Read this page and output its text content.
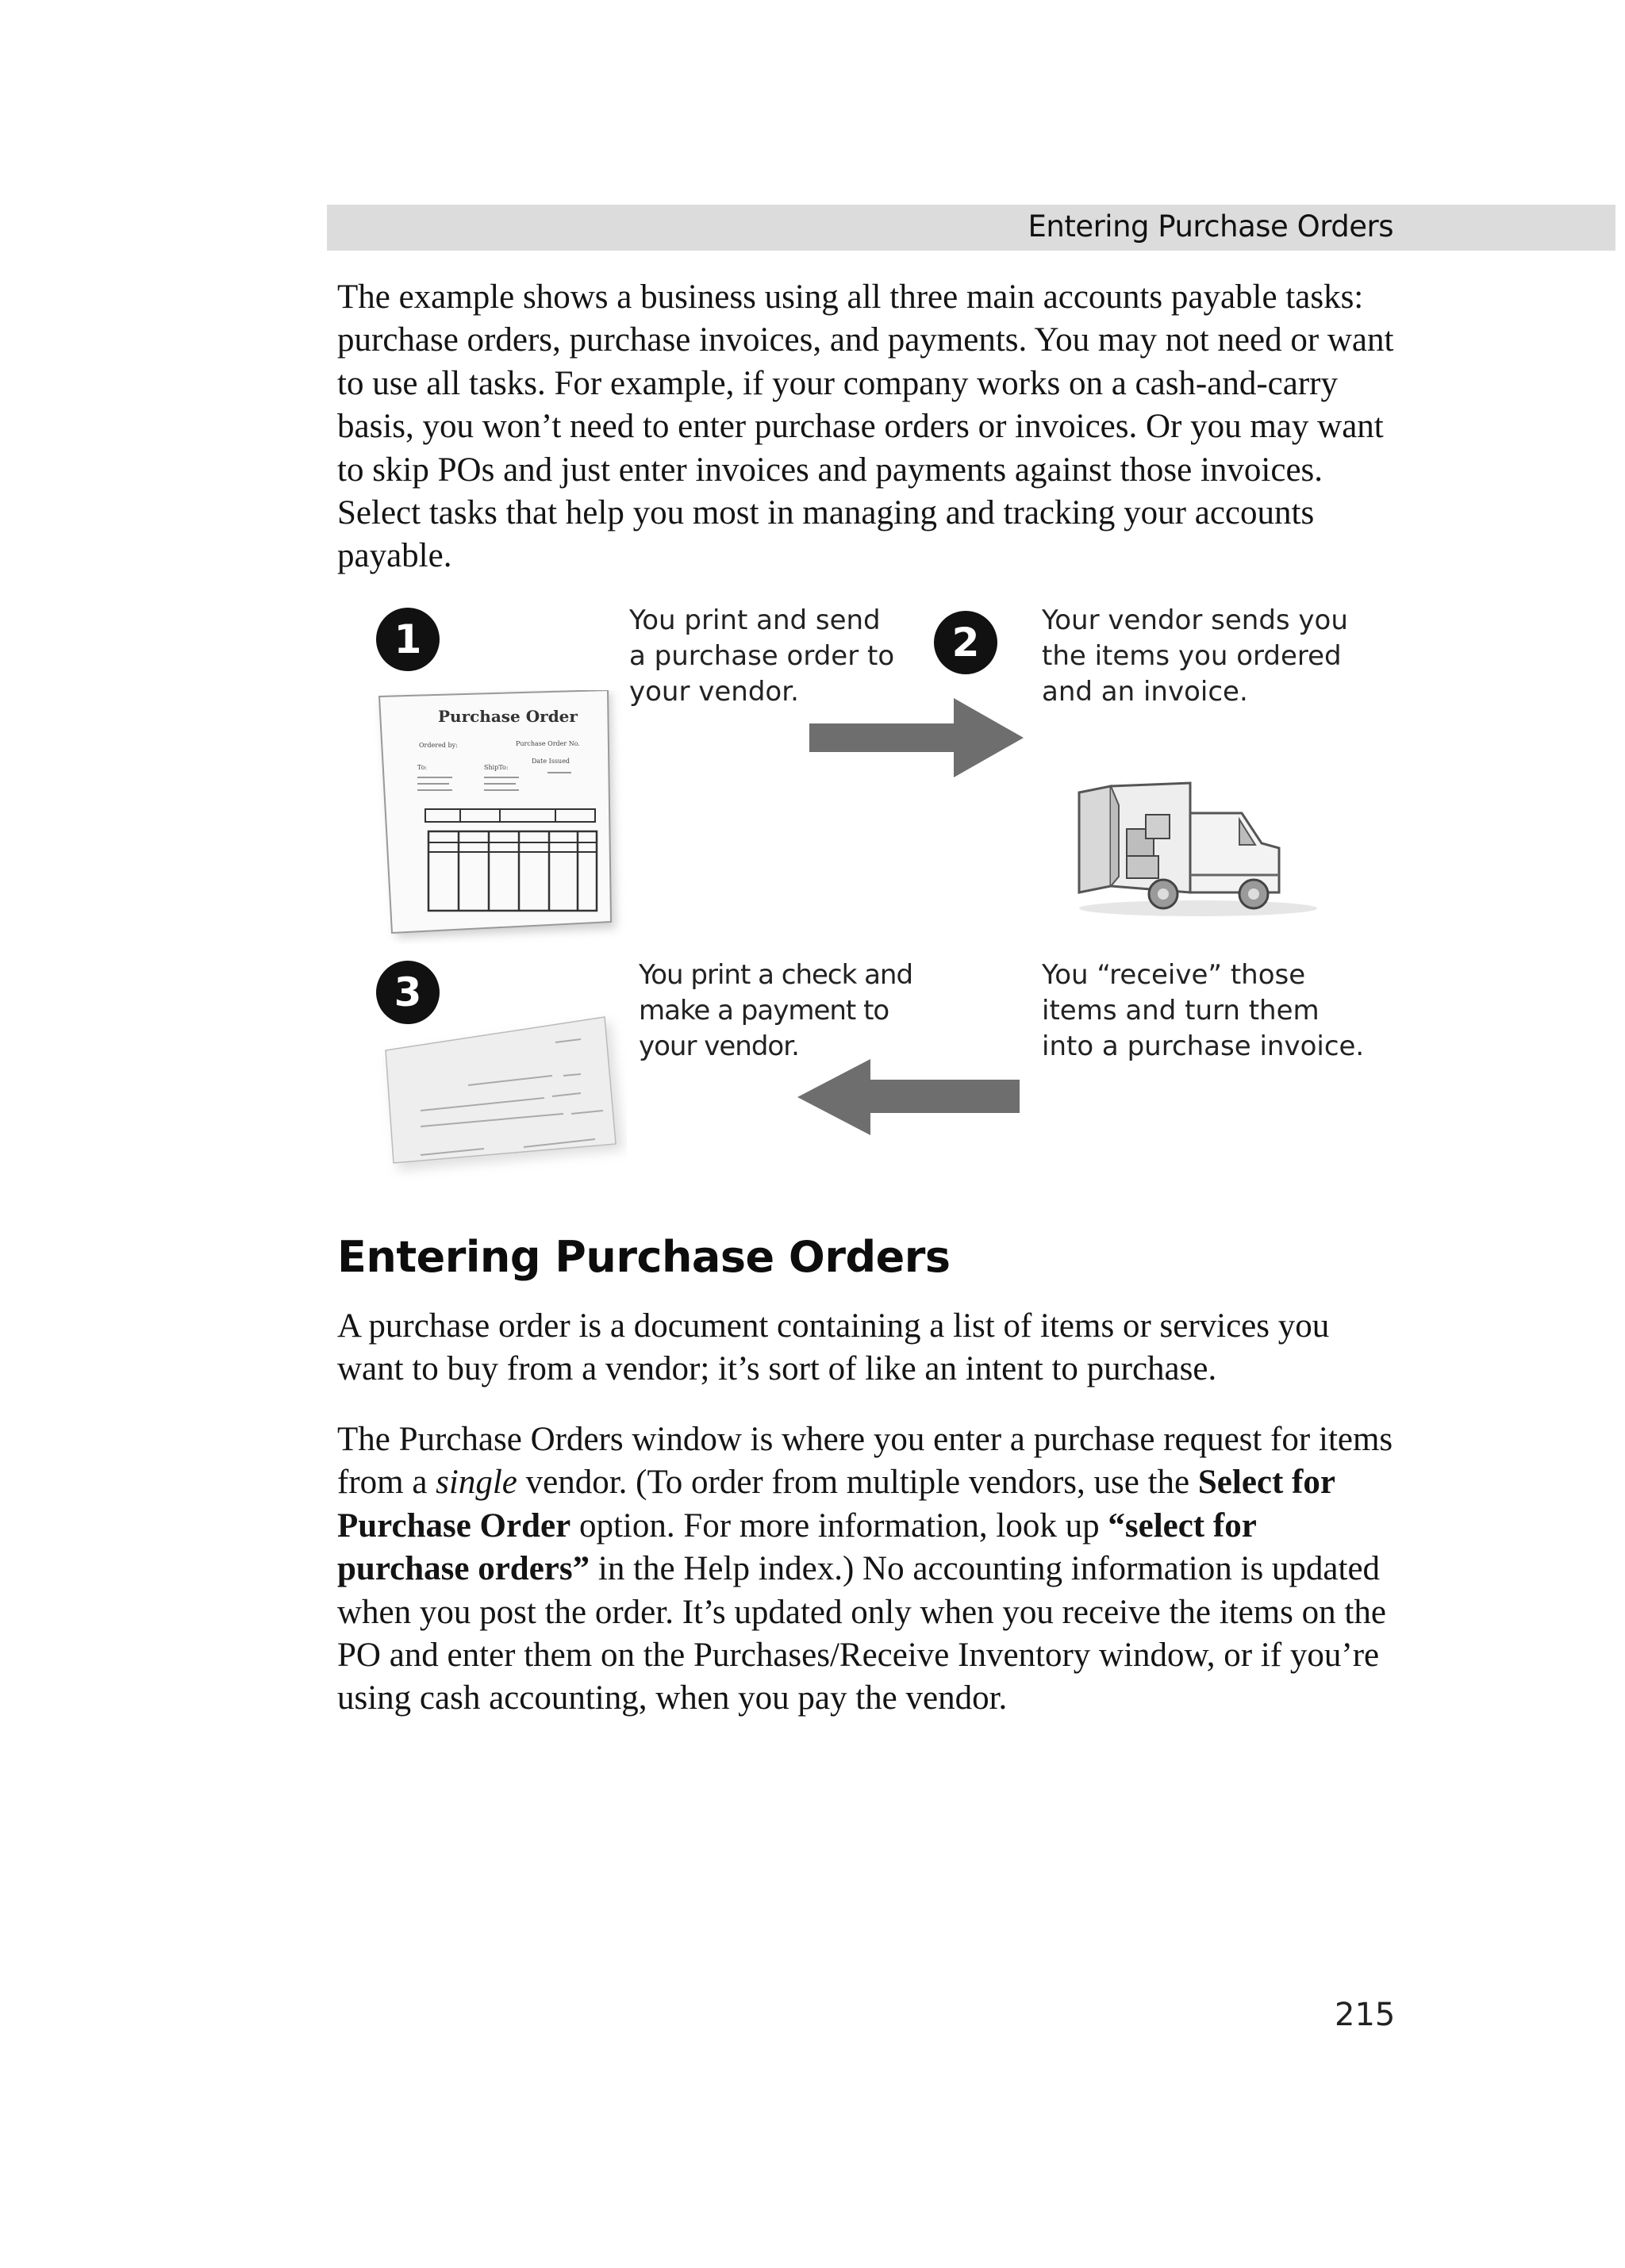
Entering Purchase Orders

The example shows a business using all three main accounts payable tasks: purchase orders, purchase invoices, and payments. You may not need or want to use all tasks. For example, if your company works on a cash-and-carry basis, you won’t need to enter purchase orders or invoices. Or you may want to skip POs and just enter invoices and payments against those invoices. Select tasks that help you most in managing and tracking your accounts payable.

1	You print and send
a purchase order to
your vendor.
Purchase Order
Ordered by:	Purchase Order No.
Date Issued
To:	ShipTo:
2	Your vendor sends you
the items you ordered
and an invoice.
3	You print a check and
make a payment to
your vendor.
You “receive” those
items and turn them
into a purchase invoice.
Entering Purchase Orders

A purchase order is a document containing a list of items or services you want to buy from a vendor; it’s sort of like an intent to purchase.

The Purchase Orders window is where you enter a purchase request for items from a single vendor. (To order from multiple vendors, use the Select for Purchase Order option. For more information, look up “select for purchase orders” in the Help index.) No accounting information is updated when you post the order. It’s updated only when you receive the items on the PO and enter them on the Purchases/Receive Inventory window, or if you’re using cash accounting, when you pay the vendor.

215
